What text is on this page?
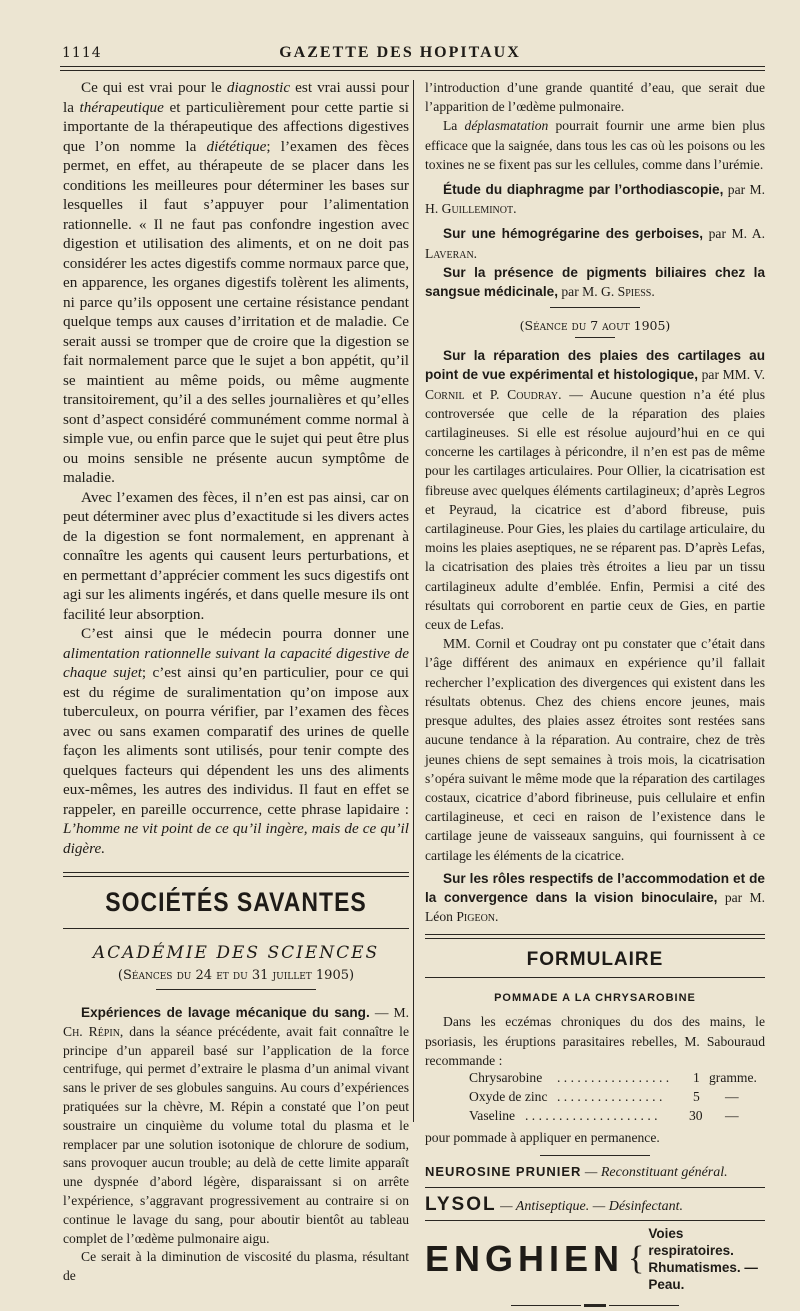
1114	GAZETTE DES HOPITAUX

Ce qui est vrai pour le diagnostic est vrai aussi pour la thérapeutique et particulièrement pour cette partie si importante de la thérapeutique des affections digestives que l’on nomme la diététique; l’examen des fèces permet, en effet, au thérapeute de se placer dans les conditions les meilleures pour déterminer les bases sur lesquelles il faut s’appuyer pour l’alimentation rationnelle. « Il ne faut pas confondre ingestion avec digestion et utilisation des aliments, et on ne doit pas considérer les actes digestifs comme normaux parce que, en apparence, les organes digestifs tolèrent les aliments, ni parce qu’ils opposent une certaine résistance pendant quelque temps aux causes d’irritation et de maladie. Ce serait aussi se tromper que de croire que la digestion se fait normalement parce que le sujet a bon appétit, qu’il se maintient au même poids, ou même augmente transitoirement, qu’il a des selles journalières et qu’elles sont d’aspect considéré communément comme normal à simple vue, ou enfin parce que le sujet qui peut être plus ou moins sensible ne présente aucun symptôme de maladie.

Avec l’examen des fèces, il n’en est pas ainsi, car on peut déterminer avec plus d’exactitude si les divers actes de la digestion se font normalement, en apprenant à connaître les agents qui causent leurs perturbations, et en permettant d’apprécier comment les sucs digestifs ont agi sur les aliments ingérés, et dans quelle mesure ils ont facilité leur absorption.

C’est ainsi que le médecin pourra donner une alimentation rationnelle suivant la capacité digestive de chaque sujet; c’est ainsi qu’en particulier, pour ce qui est du régime de suralimentation qu’on impose aux tuberculeux, on pourra vérifier, par l’examen des fèces avec ou sans examen comparatif des urines de quelle façon les aliments sont utilisés, pour tenir compte des quelques facteurs qui dépendent les uns des aliments eux-mêmes, les autres des individus. Il faut en effet se rappeler, en pareille occurrence, cette phrase lapidaire : L’homme ne vit point de ce qu’il ingère, mais de ce qu’il digère.

SOCIÉTÉS SAVANTES

ACADÉMIE DES SCIENCES

(Séances du 24 et du 31 juillet 1905)

Expériences de lavage mécanique du sang. — M. Ch. Répin, dans la séance précédente, avait fait connaître le principe d’un appareil basé sur l’application de la force centrifuge, qui permet d’extraire le plasma d’un animal vivant sans le priver de ses globules sanguins. Au cours d’expériences pratiquées sur la chèvre, M. Répin a constaté que l’on peut soustraire un cinquième du volume total du plasma et le remplacer par une solution isotonique de chlorure de sodium, sans provoquer aucun trouble; au delà de cette limite apparaît une dyspnée d’abord légère, disparaissant si on arrête l’expérience, s’aggravant progressivement au contraire si on continue le lavage du sang, pour aboutir bientôt au tableau complet de l’œdème pulmonaire aigu.

Ce serait à la diminution de viscosité du plasma, résultant de

l’introduction d’une grande quantité d’eau, que serait due l’apparition de l’œdème pulmonaire.

La déplasmatation pourrait fournir une arme bien plus efficace que la saignée, dans tous les cas où les poisons ou les toxines ne se fixent pas sur les cellules, comme dans l’urémie.

Étude du diaphragme par l’orthodiascopie, par M. H. Guilleminot.

Sur une hémogrégarine des gerboises, par M. A. Laveran.

Sur la présence de pigments biliaires chez la sangsue médicinale, par M. G. Spiess.

(Séance du 7 aout 1905)

Sur la réparation des plaies des cartilages au point de vue expérimental et histologique, par MM. V. Cornil et P. Coudray. — Aucune question n’a été plus controversée que celle de la réparation des plaies cartilagineuses. Si elle est résolue aujourd’hui en ce qui concerne les cartilages à péricondre, il n’en est pas de même pour les cartilages articulaires. Pour Ollier, la cicatrisation est fibreuse avec quelques éléments cartilagineux; d’après Legros et Peyraud, la cicatrice est d’abord fibreuse, puis cartilagineuse. Pour Gies, les plaies du cartilage articulaire, du moins les plaies aseptiques, ne se réparent pas. D’après Lefas, la cicatrisation des plaies très étroites a lieu par un tissu cartilagineux adulte d’emblée. Enfin, Permisi a cité des résultats qui corroborent en partie ceux de Gies, en partie ceux de Lefas.

MM. Cornil et Coudray ont pu constater que c’était dans l’âge différent des animaux en expérience qu’il fallait rechercher l’explication des divergences qui existent dans les résultats obtenus. Chez des chiens encore jeunes, mais presque adultes, des plaies assez étroites sont restées sans aucune tendance à la réparation. Au contraire, chez de très jeunes chiens de sept semaines à trois mois, la cicatrisation s’opéra suivant le même mode que la réparation des cartilages costaux, cicatrice d’abord fibrineuse, puis cellulaire et enfin cartilagineuse, et ceci en raison de l’existence dans le cartilage jeune de vaisseaux sanguins, qui fournissent à ce cartilage les éléments de la cicatrice.

Sur les rôles respectifs de l’accommodation et de la convergence dans la vision binoculaire, par M. Léon Pigeon.

FORMULAIRE

POMMADE A LA CHRYSAROBINE

Dans les eczémas chroniques du dos des mains, le psoriasis, les éruptions parasitaires rebelles, M. Sabouraud recommande :

Chrysarobine . . . . . . . . . . . . . . . . . 1 gramme.
Oxyde de zinc . . . . . . . . . . . . . . . . 5 —
Vaseline . . . . . . . . . . . . . . . . . . . . 30 —

pour pommade à appliquer en permanence.

NEUROSINE PRUNIER — Reconstituant général.
LYSOL — Antiseptique. — Désinfectant.
ENGHIEN {
Voies respiratoires.
Rhumatismes. — Peau.
